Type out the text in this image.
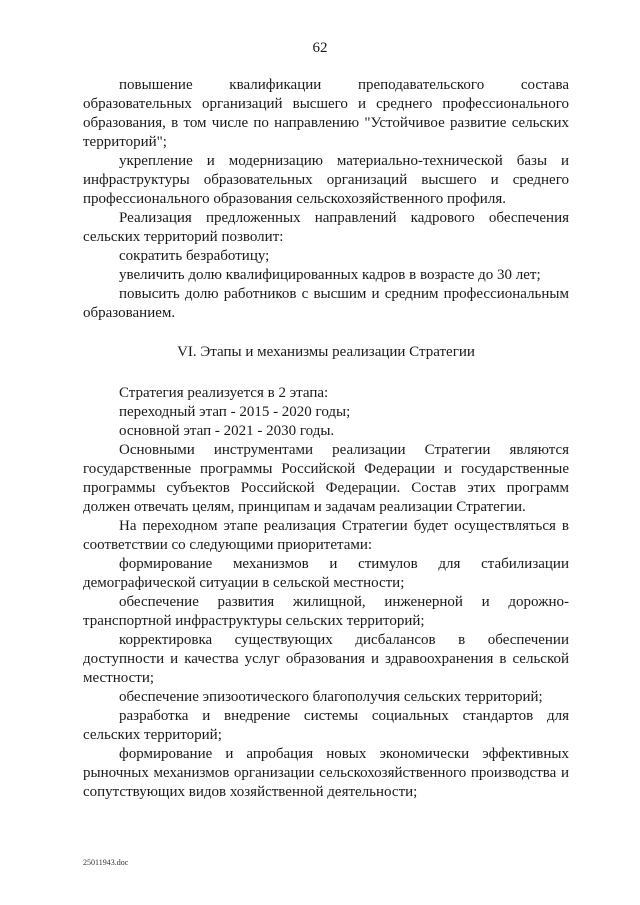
62

повышение квалификации преподавательского состава образовательных организаций высшего и среднего профессионального образования, в том числе по направлению "Устойчивое развитие сельских территорий";

укрепление и модернизацию материально-технической базы и инфраструктуры образовательных организаций высшего и среднего профессионального образования сельскохозяйственного профиля.

Реализация предложенных направлений кадрового обеспечения сельских территорий позволит:

сократить безработицу;

увеличить долю квалифицированных кадров в возрасте до 30 лет;

повысить долю работников с высшим и средним профессиональным образованием.

VI. Этапы и механизмы реализации Стратегии

Стратегия реализуется в 2 этапа:

переходный этап - 2015 - 2020 годы;

основной этап - 2021 - 2030 годы.

Основными инструментами реализации Стратегии являются государственные программы Российской Федерации и государственные программы субъектов Российской Федерации. Состав этих программ должен отвечать целям, принципам и задачам реализации Стратегии.

На переходном этапе реализация Стратегии будет осуществляться в соответствии со следующими приоритетами:

формирование механизмов и стимулов для стабилизации демографической ситуации в сельской местности;

обеспечение развития жилищной, инженерной и дорожно-транспортной инфраструктуры сельских территорий;

корректировка существующих дисбалансов в обеспечении доступности и качества услуг образования и здравоохранения в сельской местности;

обеспечение эпизоотического благополучия сельских территорий;

разработка и внедрение системы социальных стандартов для сельских территорий;

формирование и апробация новых экономически эффективных рыночных механизмов организации сельскохозяйственного производства и сопутствующих видов хозяйственной деятельности;

25011943.doc
